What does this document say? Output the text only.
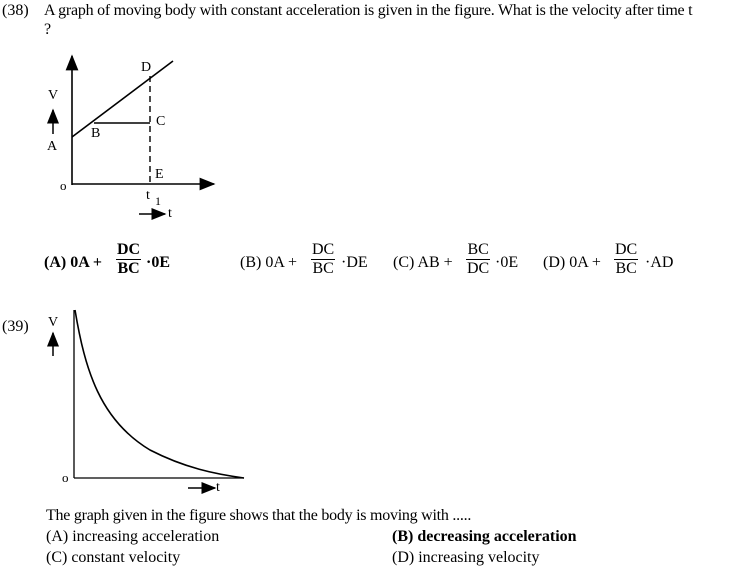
(38) A graph of moving body with constant acceleration is given in the figure. What is the velocity after time t
?
V
A
B
C
D
E
o
t 1
t
(A) $0A + \frac{DC}{BC} \cdot 0E$	(B) $0A + \frac{DC}{BC} \cdot DE$ (C) AB + $\frac{BC}{DC} \cdot 0E$ (D) $0A + \frac{DC}{BC} \cdot AD$
(39) V
o
t
The graph given in the figure shows that the body is moving with .....
(A) increasing acceleration	(B) decreasing acceleration
(C) constant velocity	(D) increasing velocity
